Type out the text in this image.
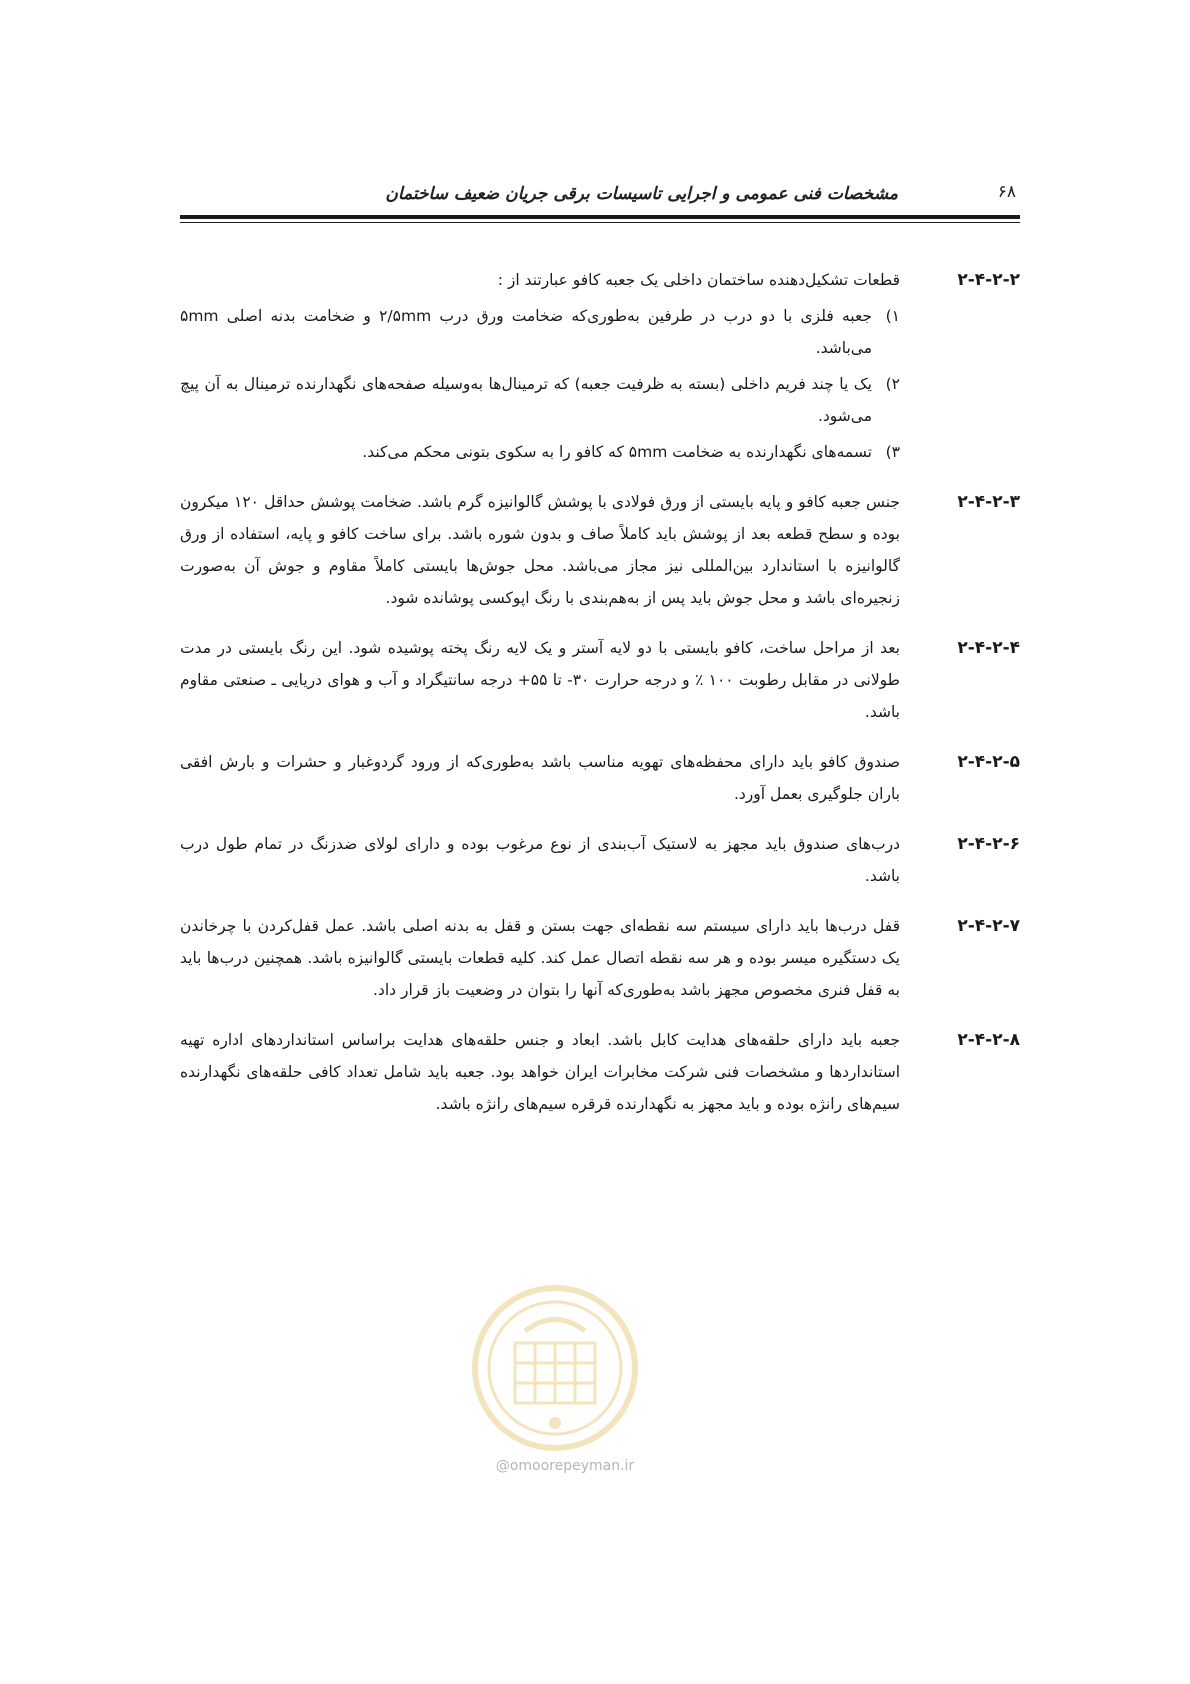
مشخصات فنی عمومی و اجرایی تاسیسات برقی جریان ضعیف ساختمان	۶۸
۲-۴-۲-۲

قطعات تشکیل‌دهنده ساختمان داخلی یک جعبه کافو عبارتند از :

۱)

جعبه فلزی با دو درب در طرفین به‌طوری‌که ضخامت ورق درب ۲/۵mm و ضخامت بدنه اصلی ۵mm می‌باشد.

۲)

یک یا چند فریم داخلی (بسته به ظرفیت جعبه) که ترمینال‌ها به‌وسیله صفحه‌های نگهدارنده ترمینال به آن پیچ می‌شود.

۳)

تسمه‌های نگهدارنده به ضخامت ۵mm که کافو را به سکوی بتونی محکم می‌کند.

۲-۴-۲-۳

جنس جعبه کافو و پایه بایستی از ورق فولادی با پوشش گالوانیزه گرم باشد. ضخامت پوشش حداقل ۱۲۰ میکرون بوده و سطح قطعه بعد از پوشش باید کاملاً صاف و بدون شوره باشد. برای ساخت کافو و پایه، استفاده از ورق گالوانیزه با استاندارد بین‌المللی نیز مجاز می‌باشد. محل جوش‌ها بایستی کاملاً مقاوم و جوش آن به‌صورت زنجیره‌ای باشد و محل جوش باید پس از به‌هم‌بندی با رنگ اپوکسی پوشانده شود.

۲-۴-۲-۴

بعد از مراحل ساخت، کافو بایستی با دو لایه آستر و یک لایه رنگ پخته پوشیده شود. این رنگ بایستی در مدت طولانی در مقابل رطوبت ۱۰۰ ٪ و درجه حرارت ۳۰- تا ۵۵+ درجه سانتیگراد و آب و هوای دریایی ـ صنعتی مقاوم باشد.

۲-۴-۲-۵

صندوق کافو باید دارای محفظه‌های تهویه مناسب باشد به‌طوری‌که از ورود گردوغبار و حشرات و بارش افقی باران جلوگیری بعمل آورد.

۲-۴-۲-۶

درب‌های صندوق باید مجهز به لاستیک آب‌بندی از نوع مرغوب بوده و دارای لولای ضدزنگ در تمام طول درب باشد.

۲-۴-۲-۷

قفل درب‌ها باید دارای سیستم سه نقطه‌ای جهت بستن و قفل به بدنه اصلی باشد. عمل قفل‌کردن با چرخاندن یک دستگیره میسر بوده و هر سه نقطه اتصال عمل کند. کلیه قطعات بایستی گالوانیزه باشد. همچنین درب‌ها باید به قفل فنری مخصوص مجهز باشد به‌طوری‌که آنها را بتوان در وضعیت باز قرار داد.

۲-۴-۲-۸

جعبه باید دارای حلقه‌های هدایت کابل باشد. ابعاد و جنس حلقه‌های هدایت براساس استانداردهای اداره تهیه استانداردها و مشخصات فنی شرکت مخابرات ایران خواهد بود. جعبه باید شامل تعداد کافی حلقه‌های نگهدارنده سیم‌های رانژه بوده و باید مجهز به نگهدارنده قرقره سیم‌های رانژه باشد.

@omoorepeyman.ir
